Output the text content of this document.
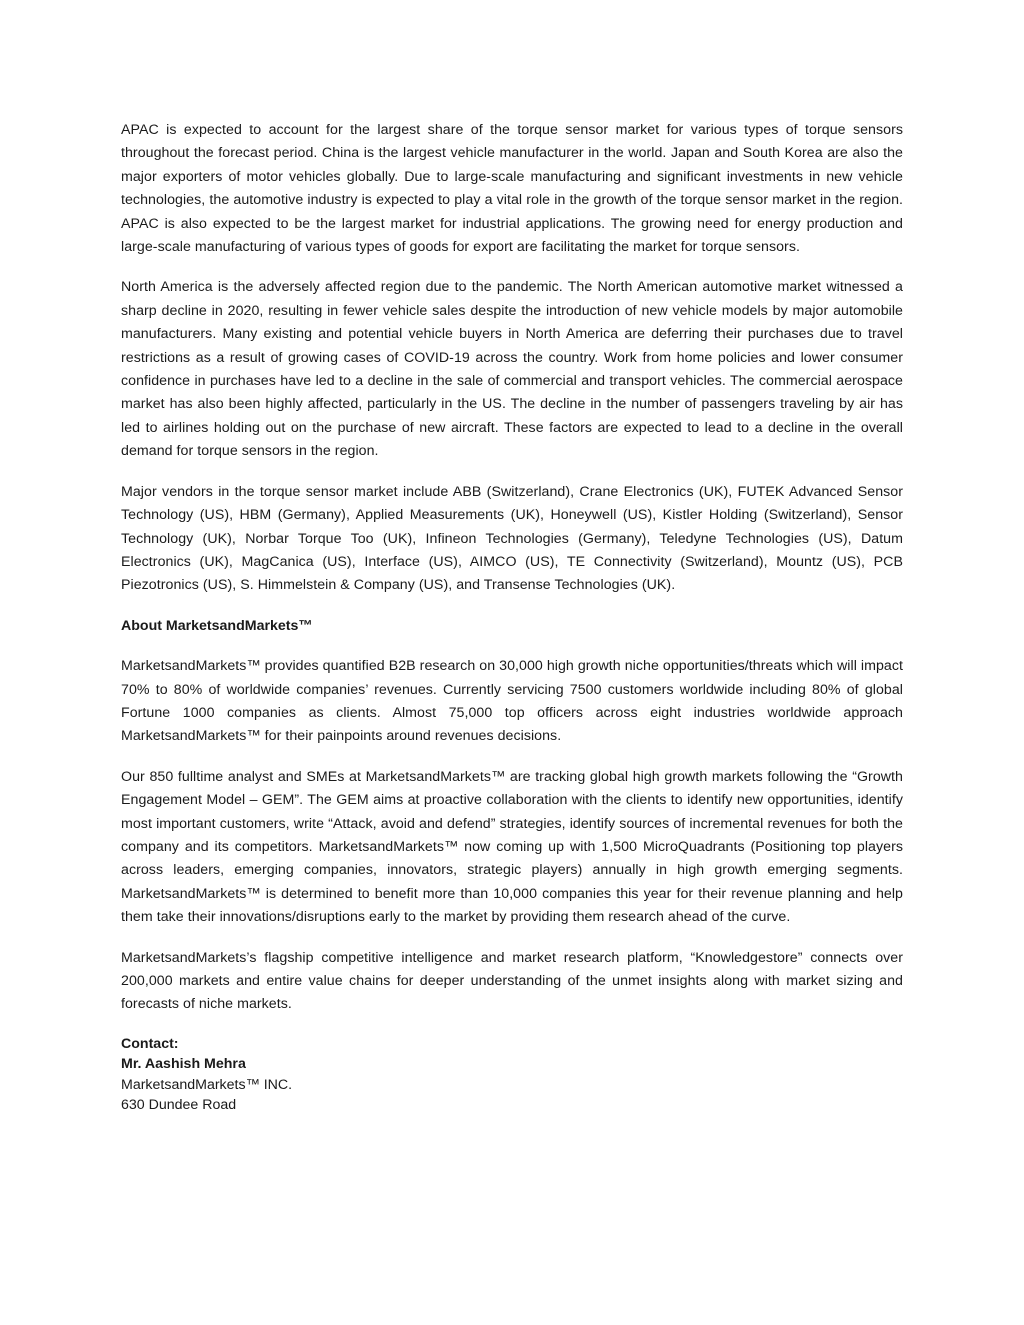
APAC is expected to account for the largest share of the torque sensor market for various types of torque sensors throughout the forecast period. China is the largest vehicle manufacturer in the world. Japan and South Korea are also the major exporters of motor vehicles globally. Due to large-scale manufacturing and significant investments in new vehicle technologies, the automotive industry is expected to play a vital role in the growth of the torque sensor market in the region. APAC is also expected to be the largest market for industrial applications. The growing need for energy production and large-scale manufacturing of various types of goods for export are facilitating the market for torque sensors.

North America is the adversely affected region due to the pandemic. The North American automotive market witnessed a sharp decline in 2020, resulting in fewer vehicle sales despite the introduction of new vehicle models by major automobile manufacturers. Many existing and potential vehicle buyers in North America are deferring their purchases due to travel restrictions as a result of growing cases of COVID-19 across the country. Work from home policies and lower consumer confidence in purchases have led to a decline in the sale of commercial and transport vehicles. The commercial aerospace market has also been highly affected, particularly in the US. The decline in the number of passengers traveling by air has led to airlines holding out on the purchase of new aircraft. These factors are expected to lead to a decline in the overall demand for torque sensors in the region.

Major vendors in the torque sensor market include ABB (Switzerland), Crane Electronics (UK), FUTEK Advanced Sensor Technology (US), HBM (Germany), Applied Measurements (UK), Honeywell (US), Kistler Holding (Switzerland), Sensor Technology (UK), Norbar Torque Too (UK), Infineon Technologies (Germany), Teledyne Technologies (US), Datum Electronics (UK), MagCanica (US), Interface (US), AIMCO (US), TE Connectivity (Switzerland), Mountz (US), PCB Piezotronics (US), S. Himmelstein & Company (US), and Transense Technologies (UK).

About MarketsandMarkets™

MarketsandMarkets™ provides quantified B2B research on 30,000 high growth niche opportunities/threats which will impact 70% to 80% of worldwide companies’ revenues. Currently servicing 7500 customers worldwide including 80% of global Fortune 1000 companies as clients. Almost 75,000 top officers across eight industries worldwide approach MarketsandMarkets™ for their painpoints around revenues decisions.

Our 850 fulltime analyst and SMEs at MarketsandMarkets™ are tracking global high growth markets following the “Growth Engagement Model – GEM”. The GEM aims at proactive collaboration with the clients to identify new opportunities, identify most important customers, write “Attack, avoid and defend” strategies, identify sources of incremental revenues for both the company and its competitors. MarketsandMarkets™ now coming up with 1,500 MicroQuadrants (Positioning top players across leaders, emerging companies, innovators, strategic players) annually in high growth emerging segments. MarketsandMarkets™ is determined to benefit more than 10,000 companies this year for their revenue planning and help them take their innovations/disruptions early to the market by providing them research ahead of the curve.

MarketsandMarkets’s flagship competitive intelligence and market research platform, “Knowledgestore” connects over 200,000 markets and entire value chains for deeper understanding of the unmet insights along with market sizing and forecasts of niche markets.

Contact:
Mr. Aashish Mehra
MarketsandMarkets™ INC.
630 Dundee Road
